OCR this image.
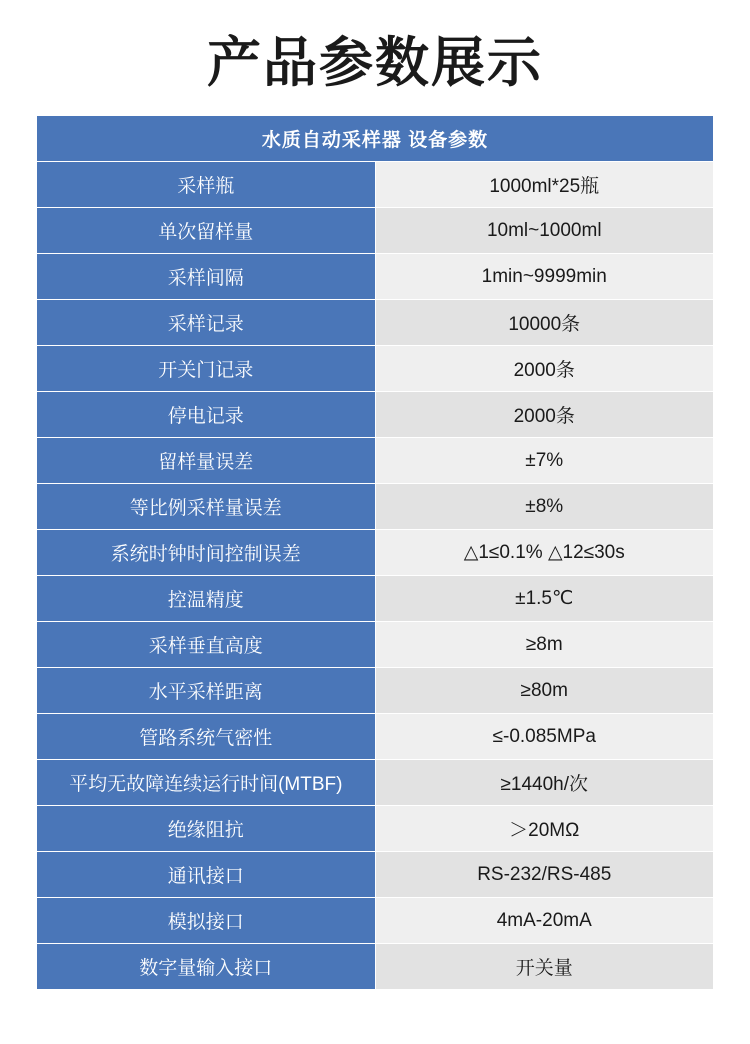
产品参数展示
水质自动采样器 设备参数	
采样瓶	1000ml*25瓶
单次留样量	10ml~1000ml
采样间隔	1min~9999min
采样记录	10000条
开关门记录	2000条
停电记录	2000条
留样量误差	±7%
等比例采样量误差	±8%
系统时钟时间控制误差	△1≤0.1% △12≤30s
控温精度	±1.5℃
采样垂直高度	≥8m
水平采样距离	≥80m
管路系统气密性	≤-0.085MPa
平均无故障连续运行时间(MTBF)	≥1440h/次
绝缘阻抗	＞20MΩ
通讯接口	RS-232/RS-485
模拟接口	4mA-20mA
数字量输入接口	开关量
